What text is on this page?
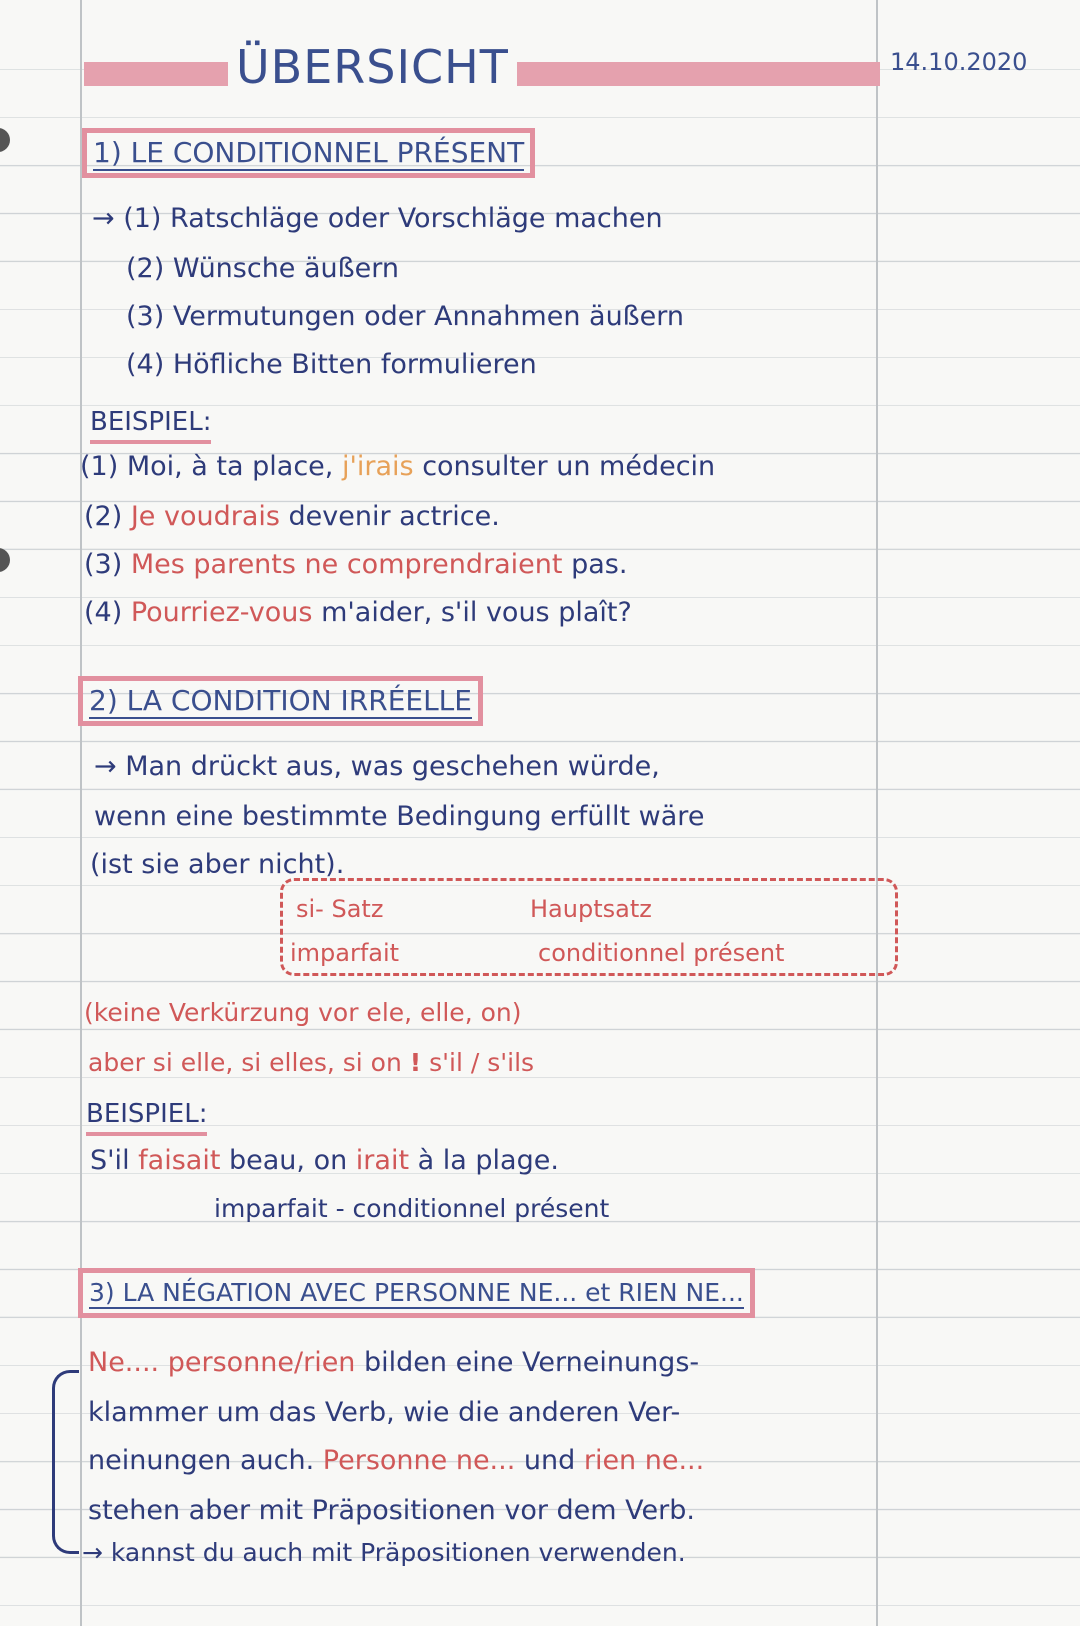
ÜBERSICHT	14.10.2020
1) LE CONDITIONNEL PRÉSENT
→ (1) Ratschläge oder Vorschläge machen
(2) Wünsche äußern
(3) Vermutungen oder Annahmen äußern
(4) Höfliche Bitten formulieren
BEISPIEL:
(1) Moi, à ta place, j'irais consulter un médecin
(2) Je voudrais devenir actrice.
(3) Mes parents ne comprendraient pas.
(4) Pourriez-vous m'aider, s'il vous plaît?
2) LA CONDITION IRRÉELLE
→ Man drückt aus, was geschehen würde,
wenn eine bestimmte Bedingung erfüllt wäre
(ist sie aber nicht).
si- Satz	Hauptsatz
imparfait	conditionnel présent
(keine Verkürzung vor ele, elle, on)
aber si elle, si elles, si on ! s'il / s'ils
BEISPIEL:
S'il faisait beau, on irait à la plage.
imparfait - conditionnel présent
3) LA NÉGATION AVEC PERSONNE NE... et RIEN NE...
Ne.... personne/rien bilden eine Verneinungs-
klammer um das Verb, wie die anderen Ver-
neinungen auch. Personne ne... und rien ne...
stehen aber mit Präpositionen vor dem Verb.
→ kannst du auch mit Präpositionen verwenden.
